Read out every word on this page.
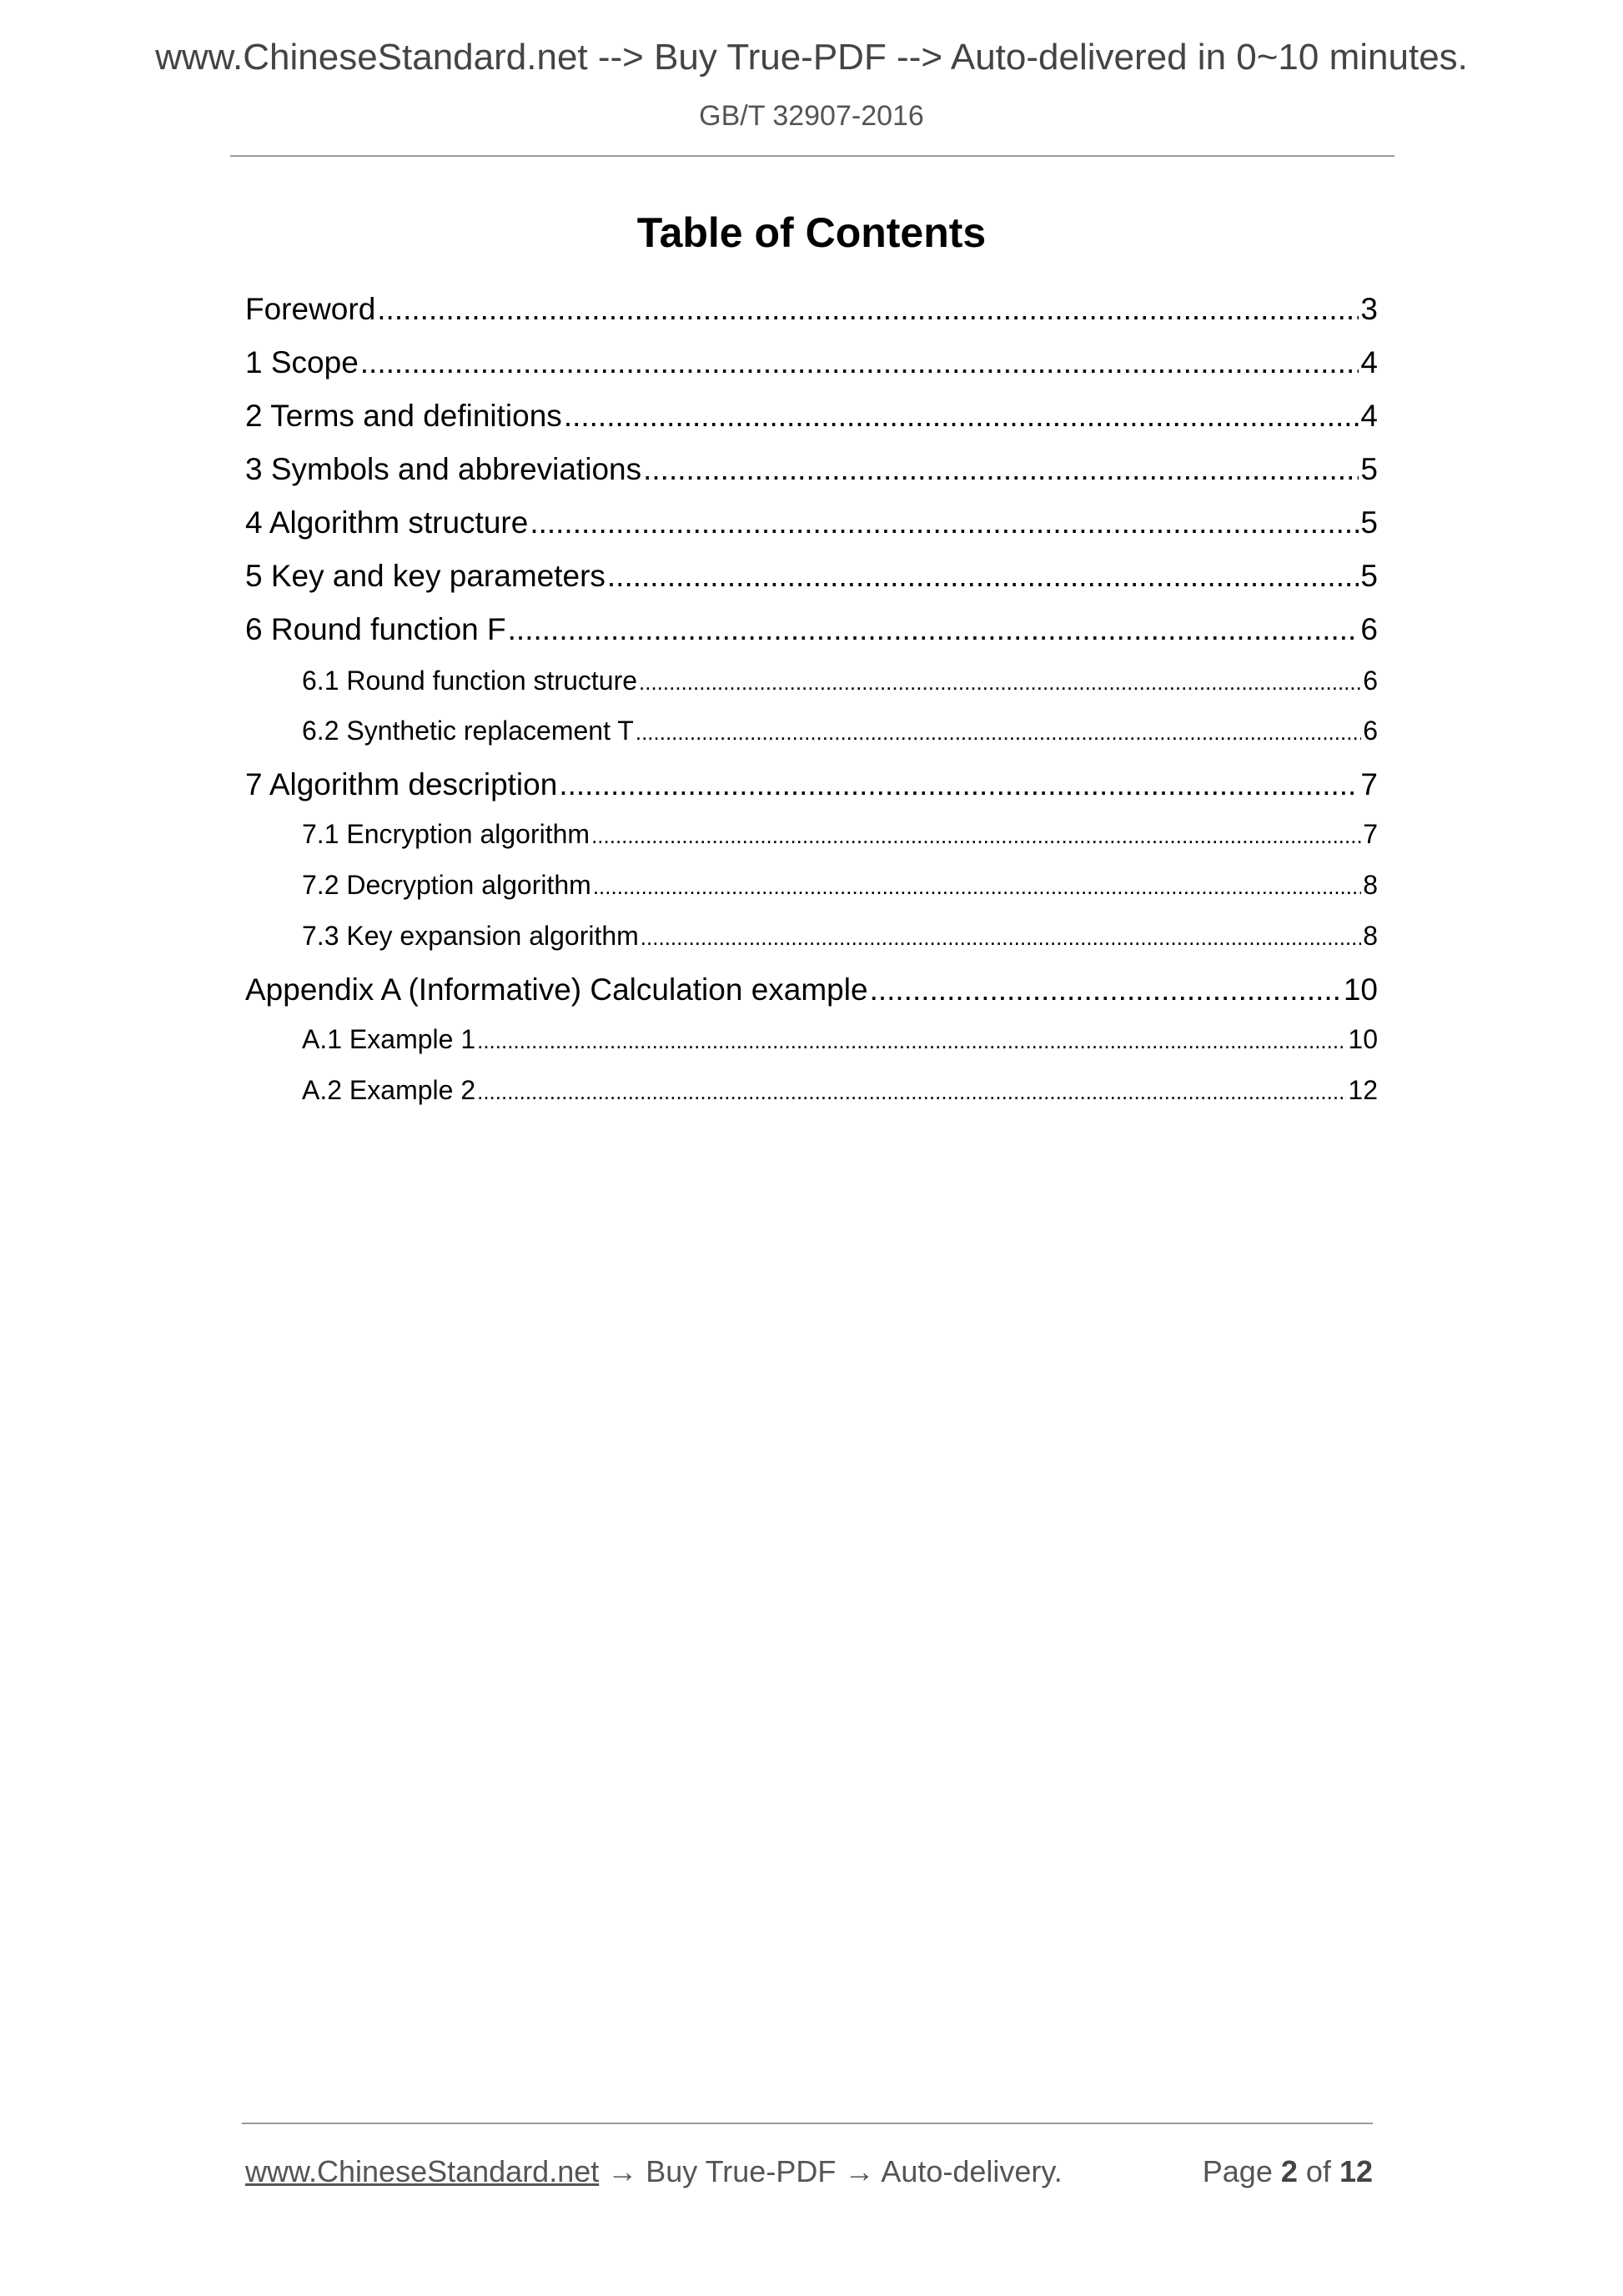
www.ChineseStandard.net --> Buy True-PDF --> Auto-delivered in 0~10 minutes.
GB/T 32907-2016
Table of Contents
Foreword .....	3
1 Scope .....	4
2 Terms and definitions .....	4
3 Symbols and abbreviations .....	5
4 Algorithm structure .....	5
5 Key and key parameters .....	5
6 Round function F .....	6
6.1 Round function structure .....	6
6.2 Synthetic replacement T .....	6
7 Algorithm description .....	7
7.1 Encryption algorithm .....	7
7.2 Decryption algorithm .....	8
7.3 Key expansion algorithm .....	8
Appendix A (Informative) Calculation example .....	10
A.1 Example 1 .....	10
A.2 Example 2 .....	12
www.ChineseStandard.net → Buy True-PDF → Auto-delivery.	Page 2 of 12
